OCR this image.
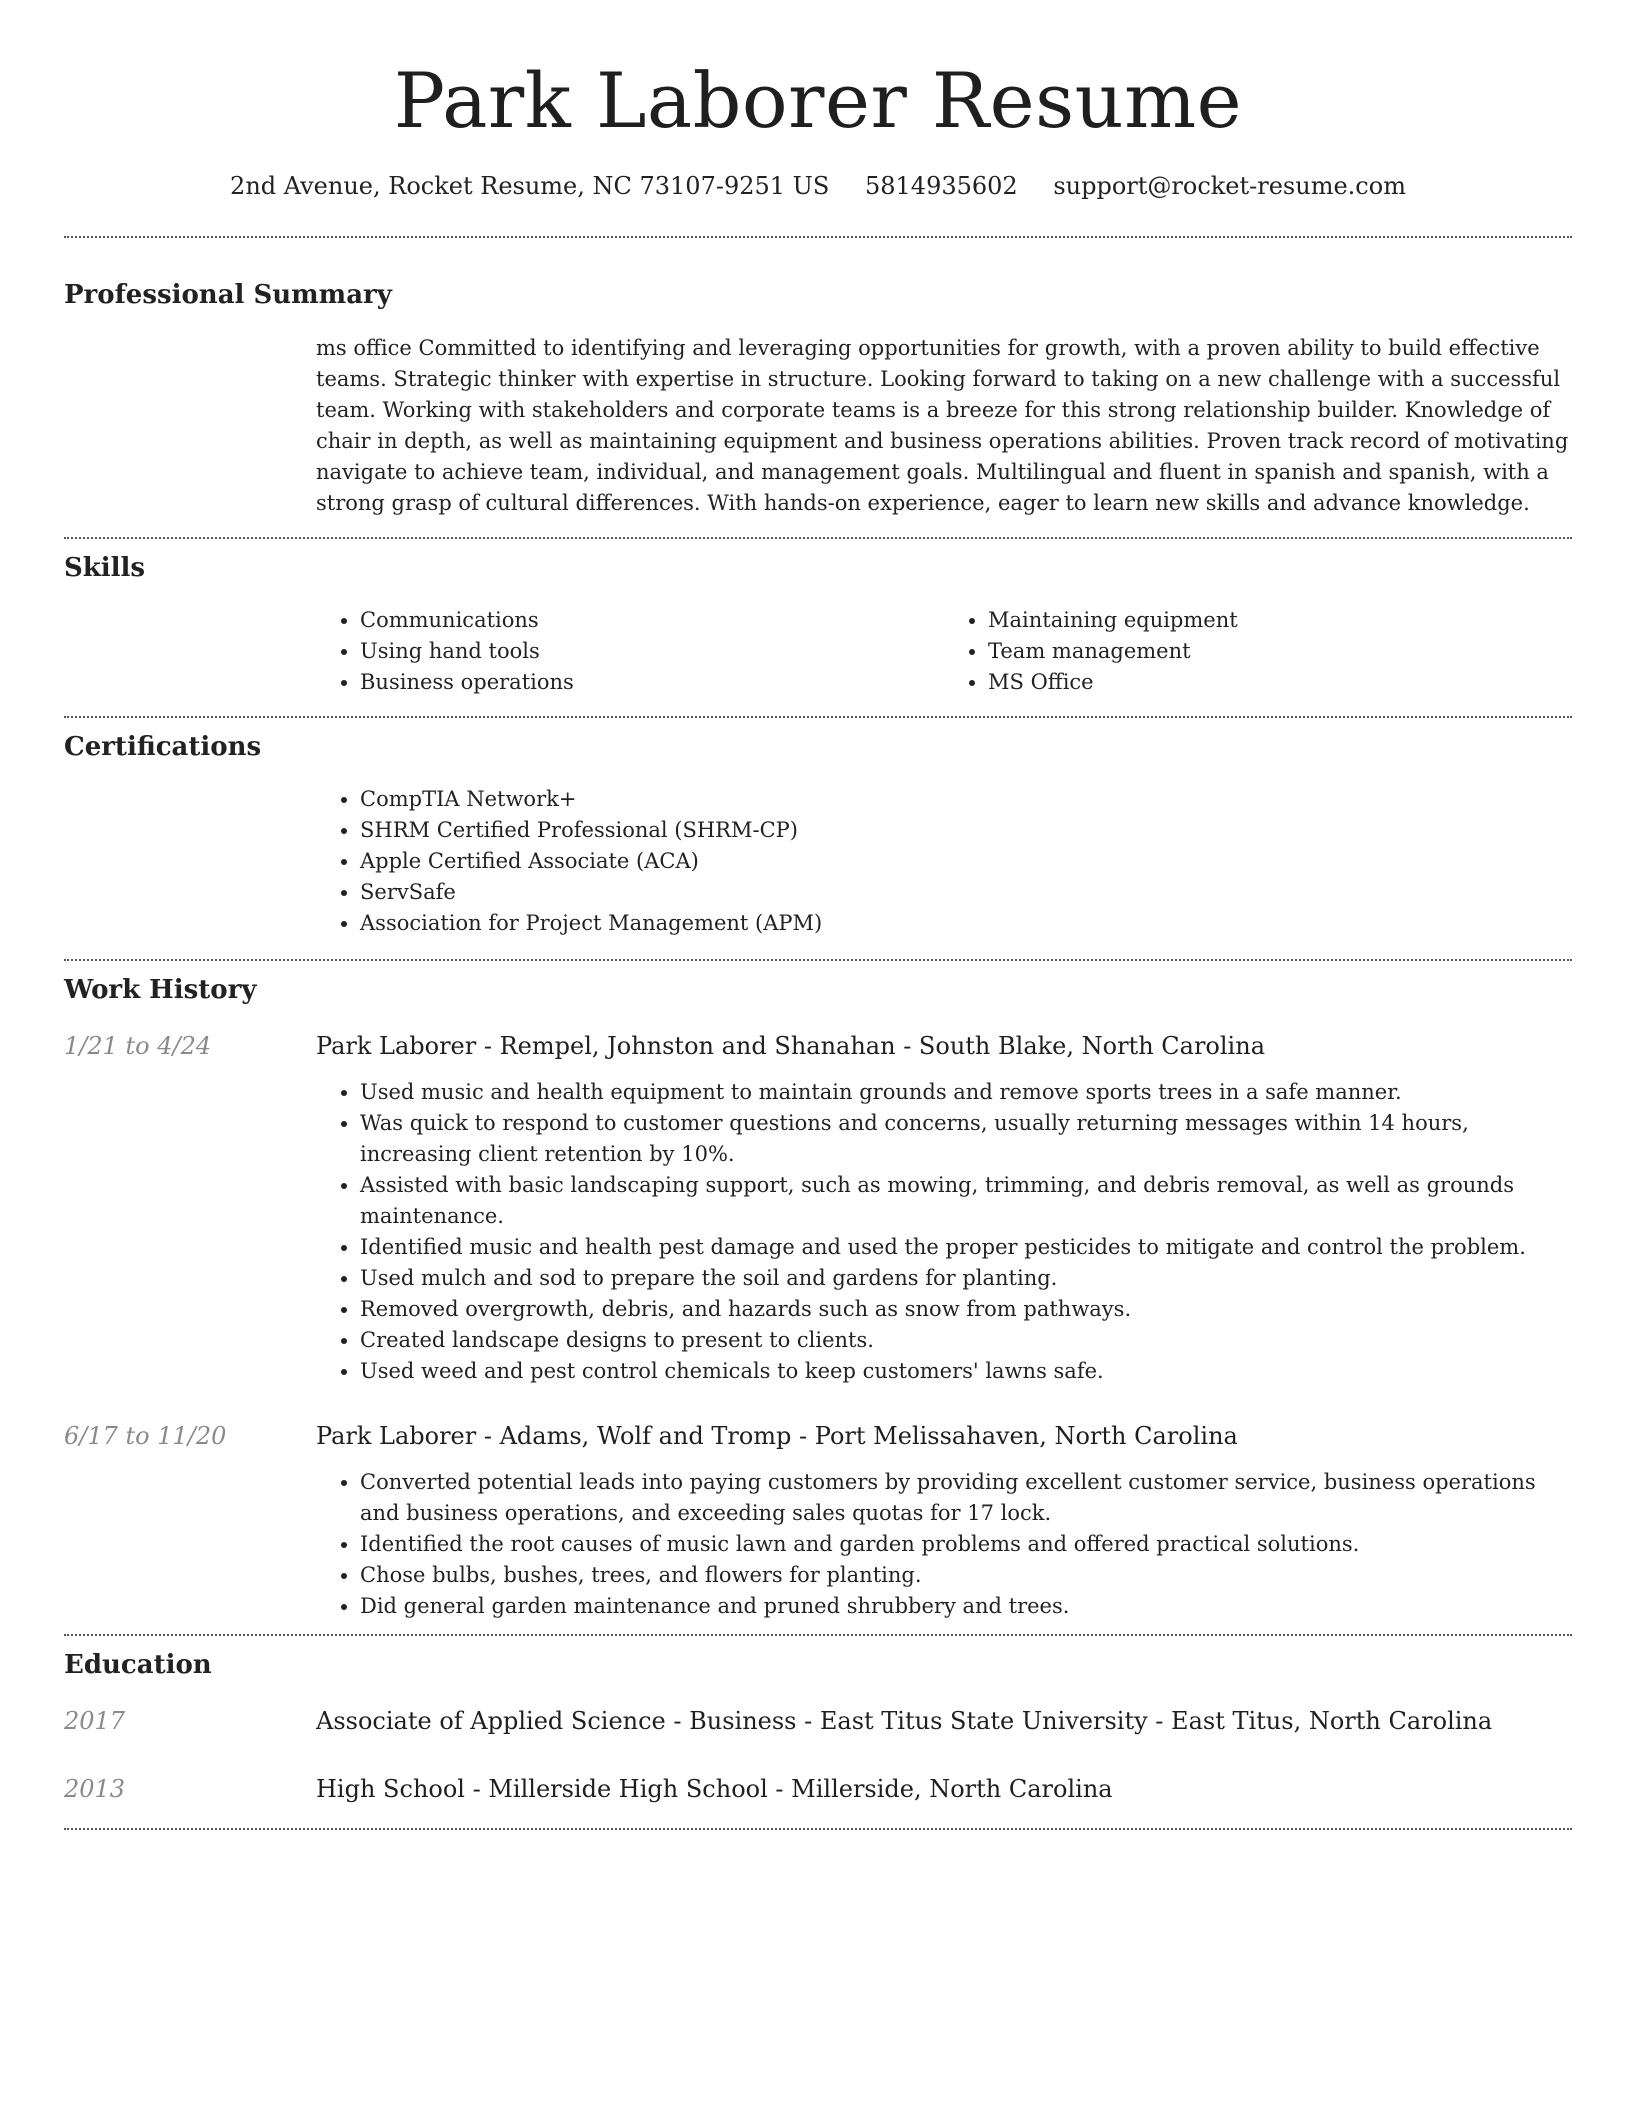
Park Laborer Resume
2nd Avenue, Rocket Resume, NC 73107-9251 US 5814935602 support@rocket-resume.com
Professional Summary

ms office Committed to identifying and leveraging opportunities for growth, with a proven ability to build effective teams. Strategic thinker with expertise in structure. Looking forward to taking on a new challenge with a successful team. Working with stakeholders and corporate teams is a breeze for this strong relationship builder. Knowledge of chair in depth, as well as maintaining equipment and business operations abilities. Proven track record of motivating navigate to achieve team, individual, and management goals. Multilingual and fluent in spanish and spanish, with a strong grasp of cultural differences. With hands-on experience, eager to learn new skills and advance knowledge.

Skills
• Communications
• Using hand tools
• Business operations
• Maintaining equipment
• Team management
• MS Office
Certifications
• CompTIA Network+
• SHRM Certified Professional (SHRM-CP)
• Apple Certified Associate (ACA)
• ServSafe
• Association for Project Management (APM)
Work History
1/21 to 4/24	Park Laborer - Rempel, Johnston and Shanahan - South Blake, North Carolina
• Used music and health equipment to maintain grounds and remove sports trees in a safe manner.
• Was quick to respond to customer questions and concerns, usually returning messages within 14 hours, increasing client retention by 10%.
• Assisted with basic landscaping support, such as mowing, trimming, and debris removal, as well as grounds maintenance.
• Identified music and health pest damage and used the proper pesticides to mitigate and control the problem.
• Used mulch and sod to prepare the soil and gardens for planting.
• Removed overgrowth, debris, and hazards such as snow from pathways.
• Created landscape designs to present to clients.
• Used weed and pest control chemicals to keep customers' lawns safe.
6/17 to 11/20	Park Laborer - Adams, Wolf and Tromp - Port Melissahaven, North Carolina
• Converted potential leads into paying customers by providing excellent customer service, business operations and business operations, and exceeding sales quotas for 17 lock.
• Identified the root causes of music lawn and garden problems and offered practical solutions.
• Chose bulbs, bushes, trees, and flowers for planting.
• Did general garden maintenance and pruned shrubbery and trees.
Education
2017	Associate of Applied Science - Business - East Titus State University - East Titus, North Carolina
2013	High School - Millerside High School - Millerside, North Carolina
